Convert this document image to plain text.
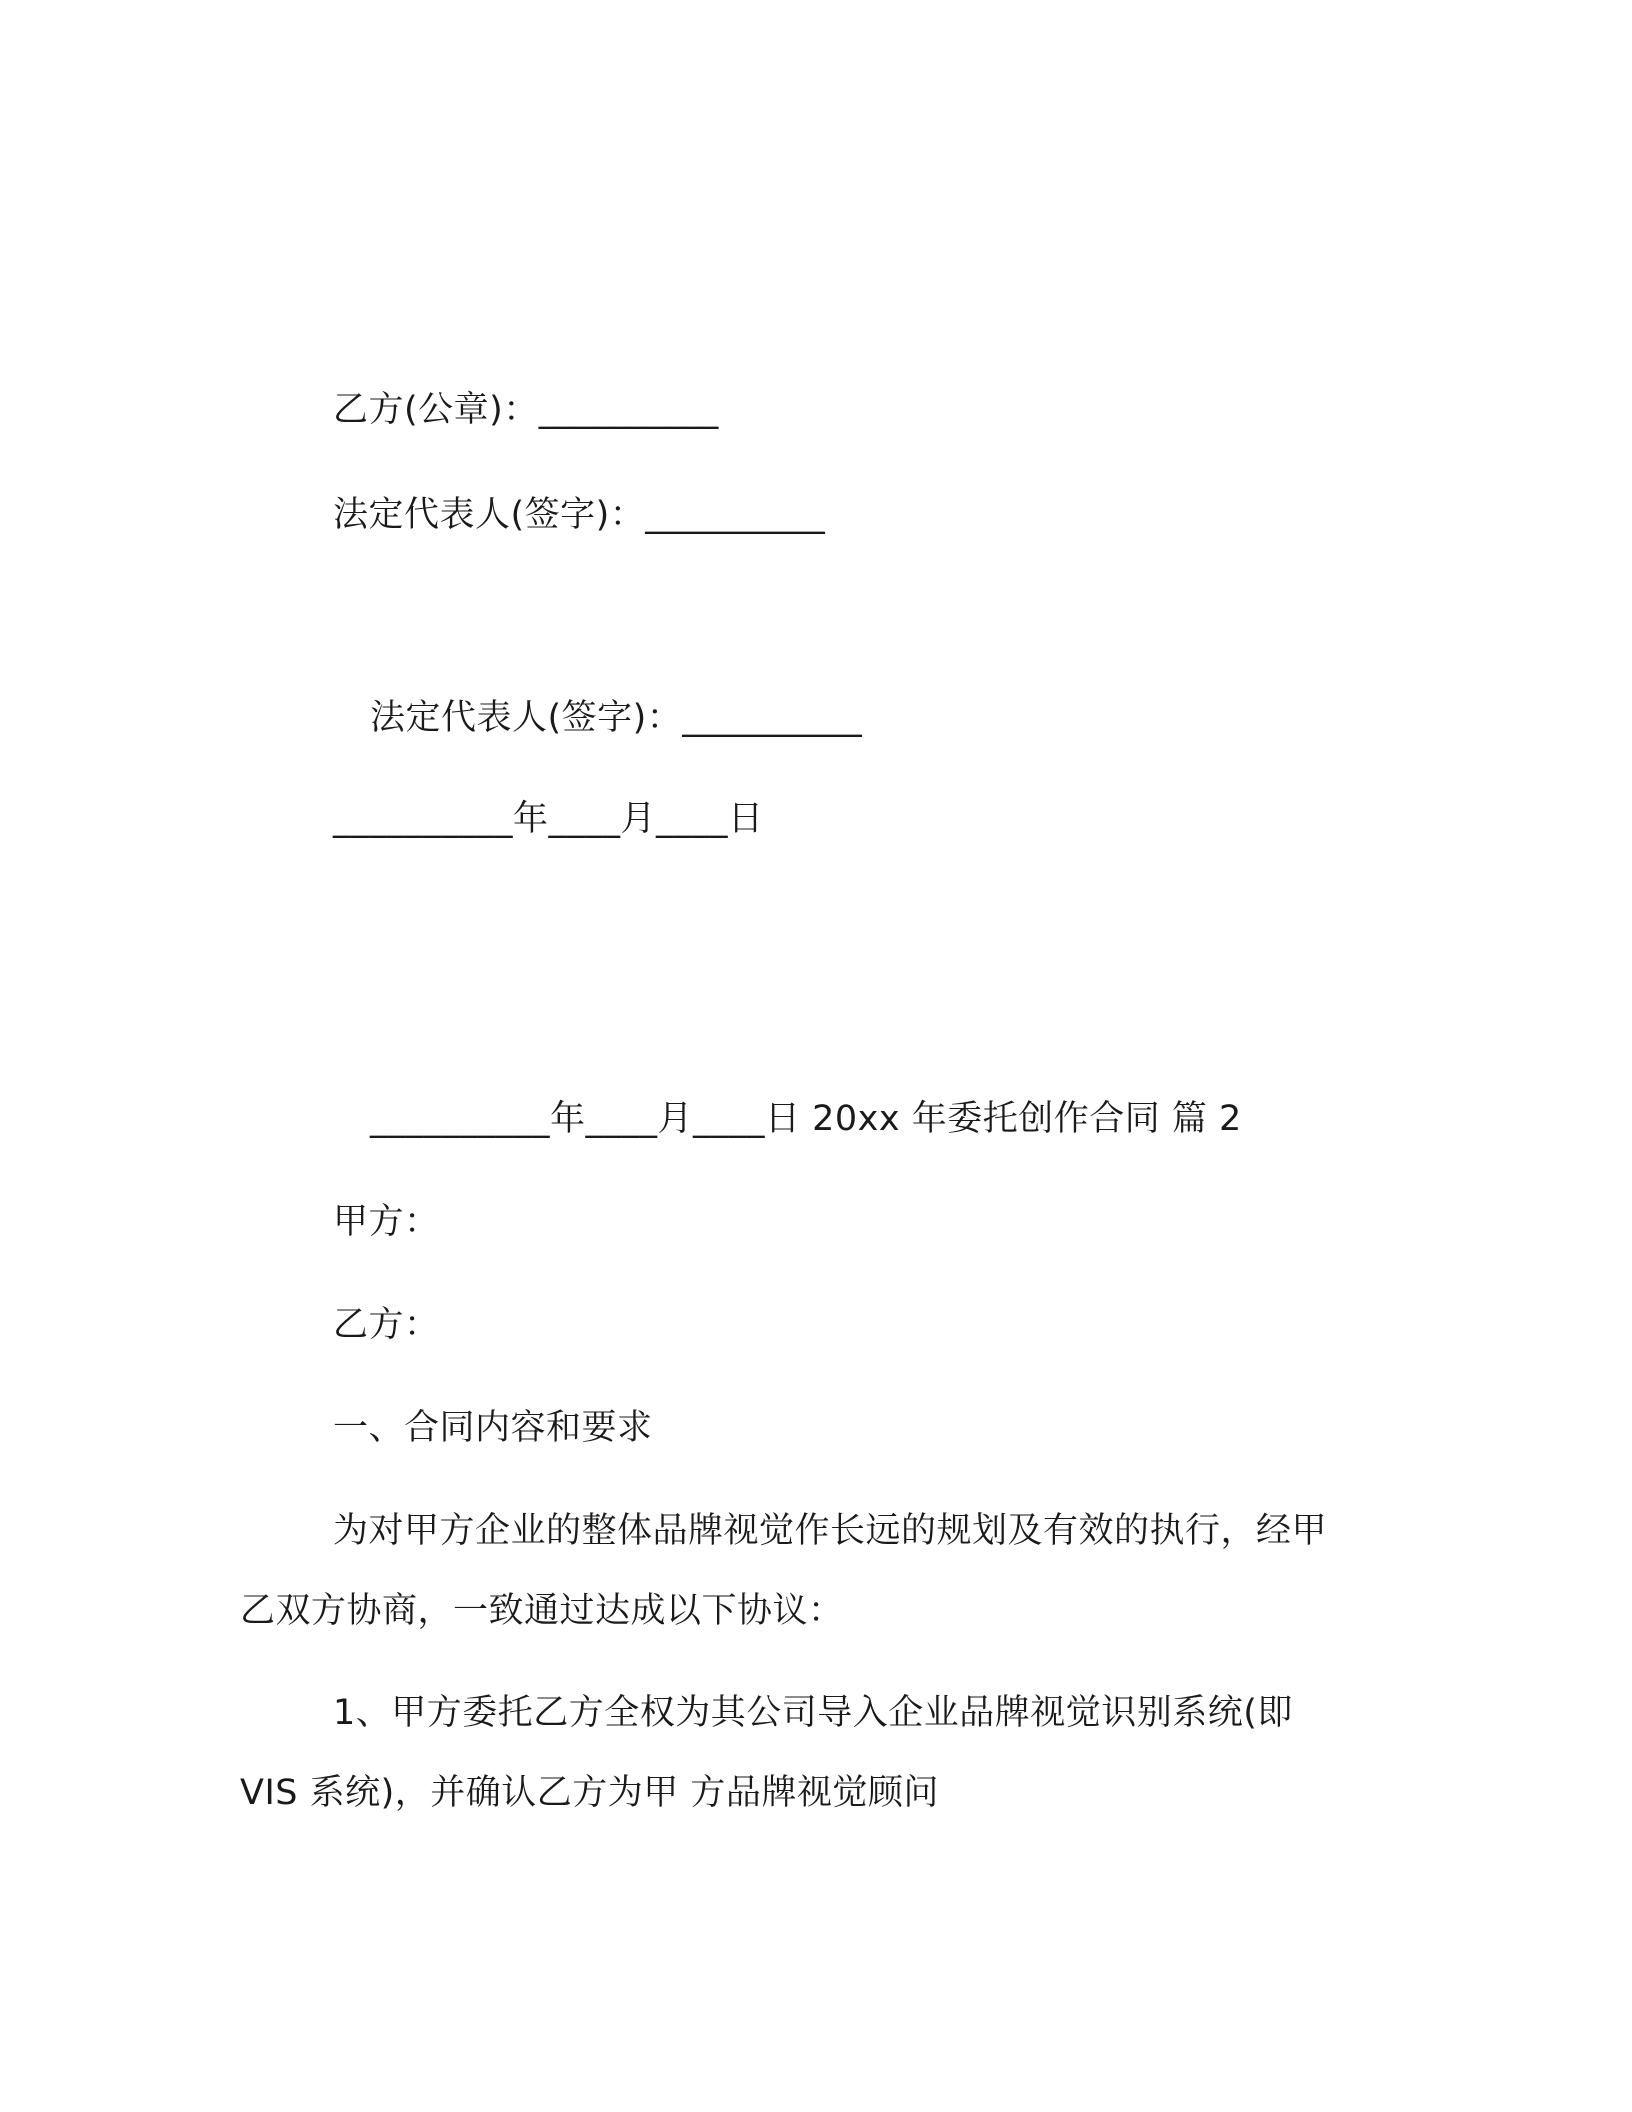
乙方(公章)：__________
法定代表人(签字)：__________
法定代表人(签字)：__________
__________年____月____日
__________年____月____日 20xx 年委托创作合同 篇 2
甲方：
乙方：
一、合同内容和要求
为对甲方企业的整体品牌视觉作长远的规划及有效的执行，经甲
乙双方协商，一致通过达成以下协议：
1、甲方委托乙方全权为其公司导入企业品牌视觉识别系统(即
VIS 系统)，并确认乙方为甲 方品牌视觉顾问
